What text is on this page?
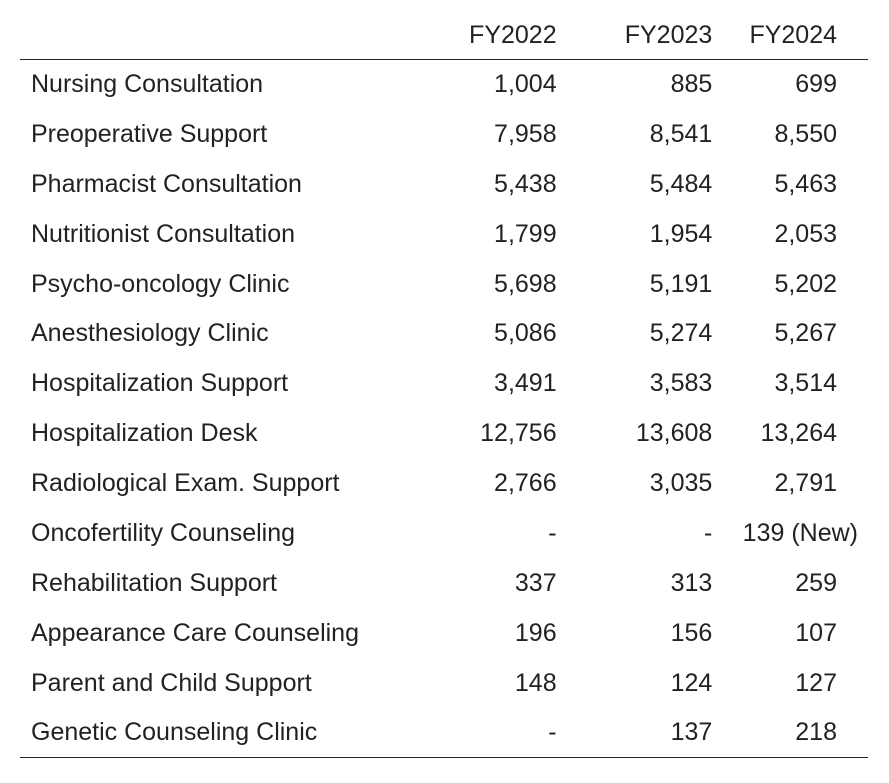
	FY2022	FY2023	FY2024
Nursing Consultation	1,004	885	699
Preoperative Support	7,958	8,541	8,550
Pharmacist Consultation	5,438	5,484	5,463
Nutritionist Consultation	1,799	1,954	2,053
Psycho-oncology Clinic	5,698	5,191	5,202
Anesthesiology Clinic	5,086	5,274	5,267
Hospitalization Support	3,491	3,583	3,514
Hospitalization Desk	12,756	13,608	13,264
Radiological Exam. Support	2,766	3,035	2,791
Oncofertility Counseling	-	-	139 (New)
Rehabilitation Support	337	313	259
Appearance Care Counseling	196	156	107
Parent and Child Support	148	124	127
Genetic Counseling Clinic	-	137	218
